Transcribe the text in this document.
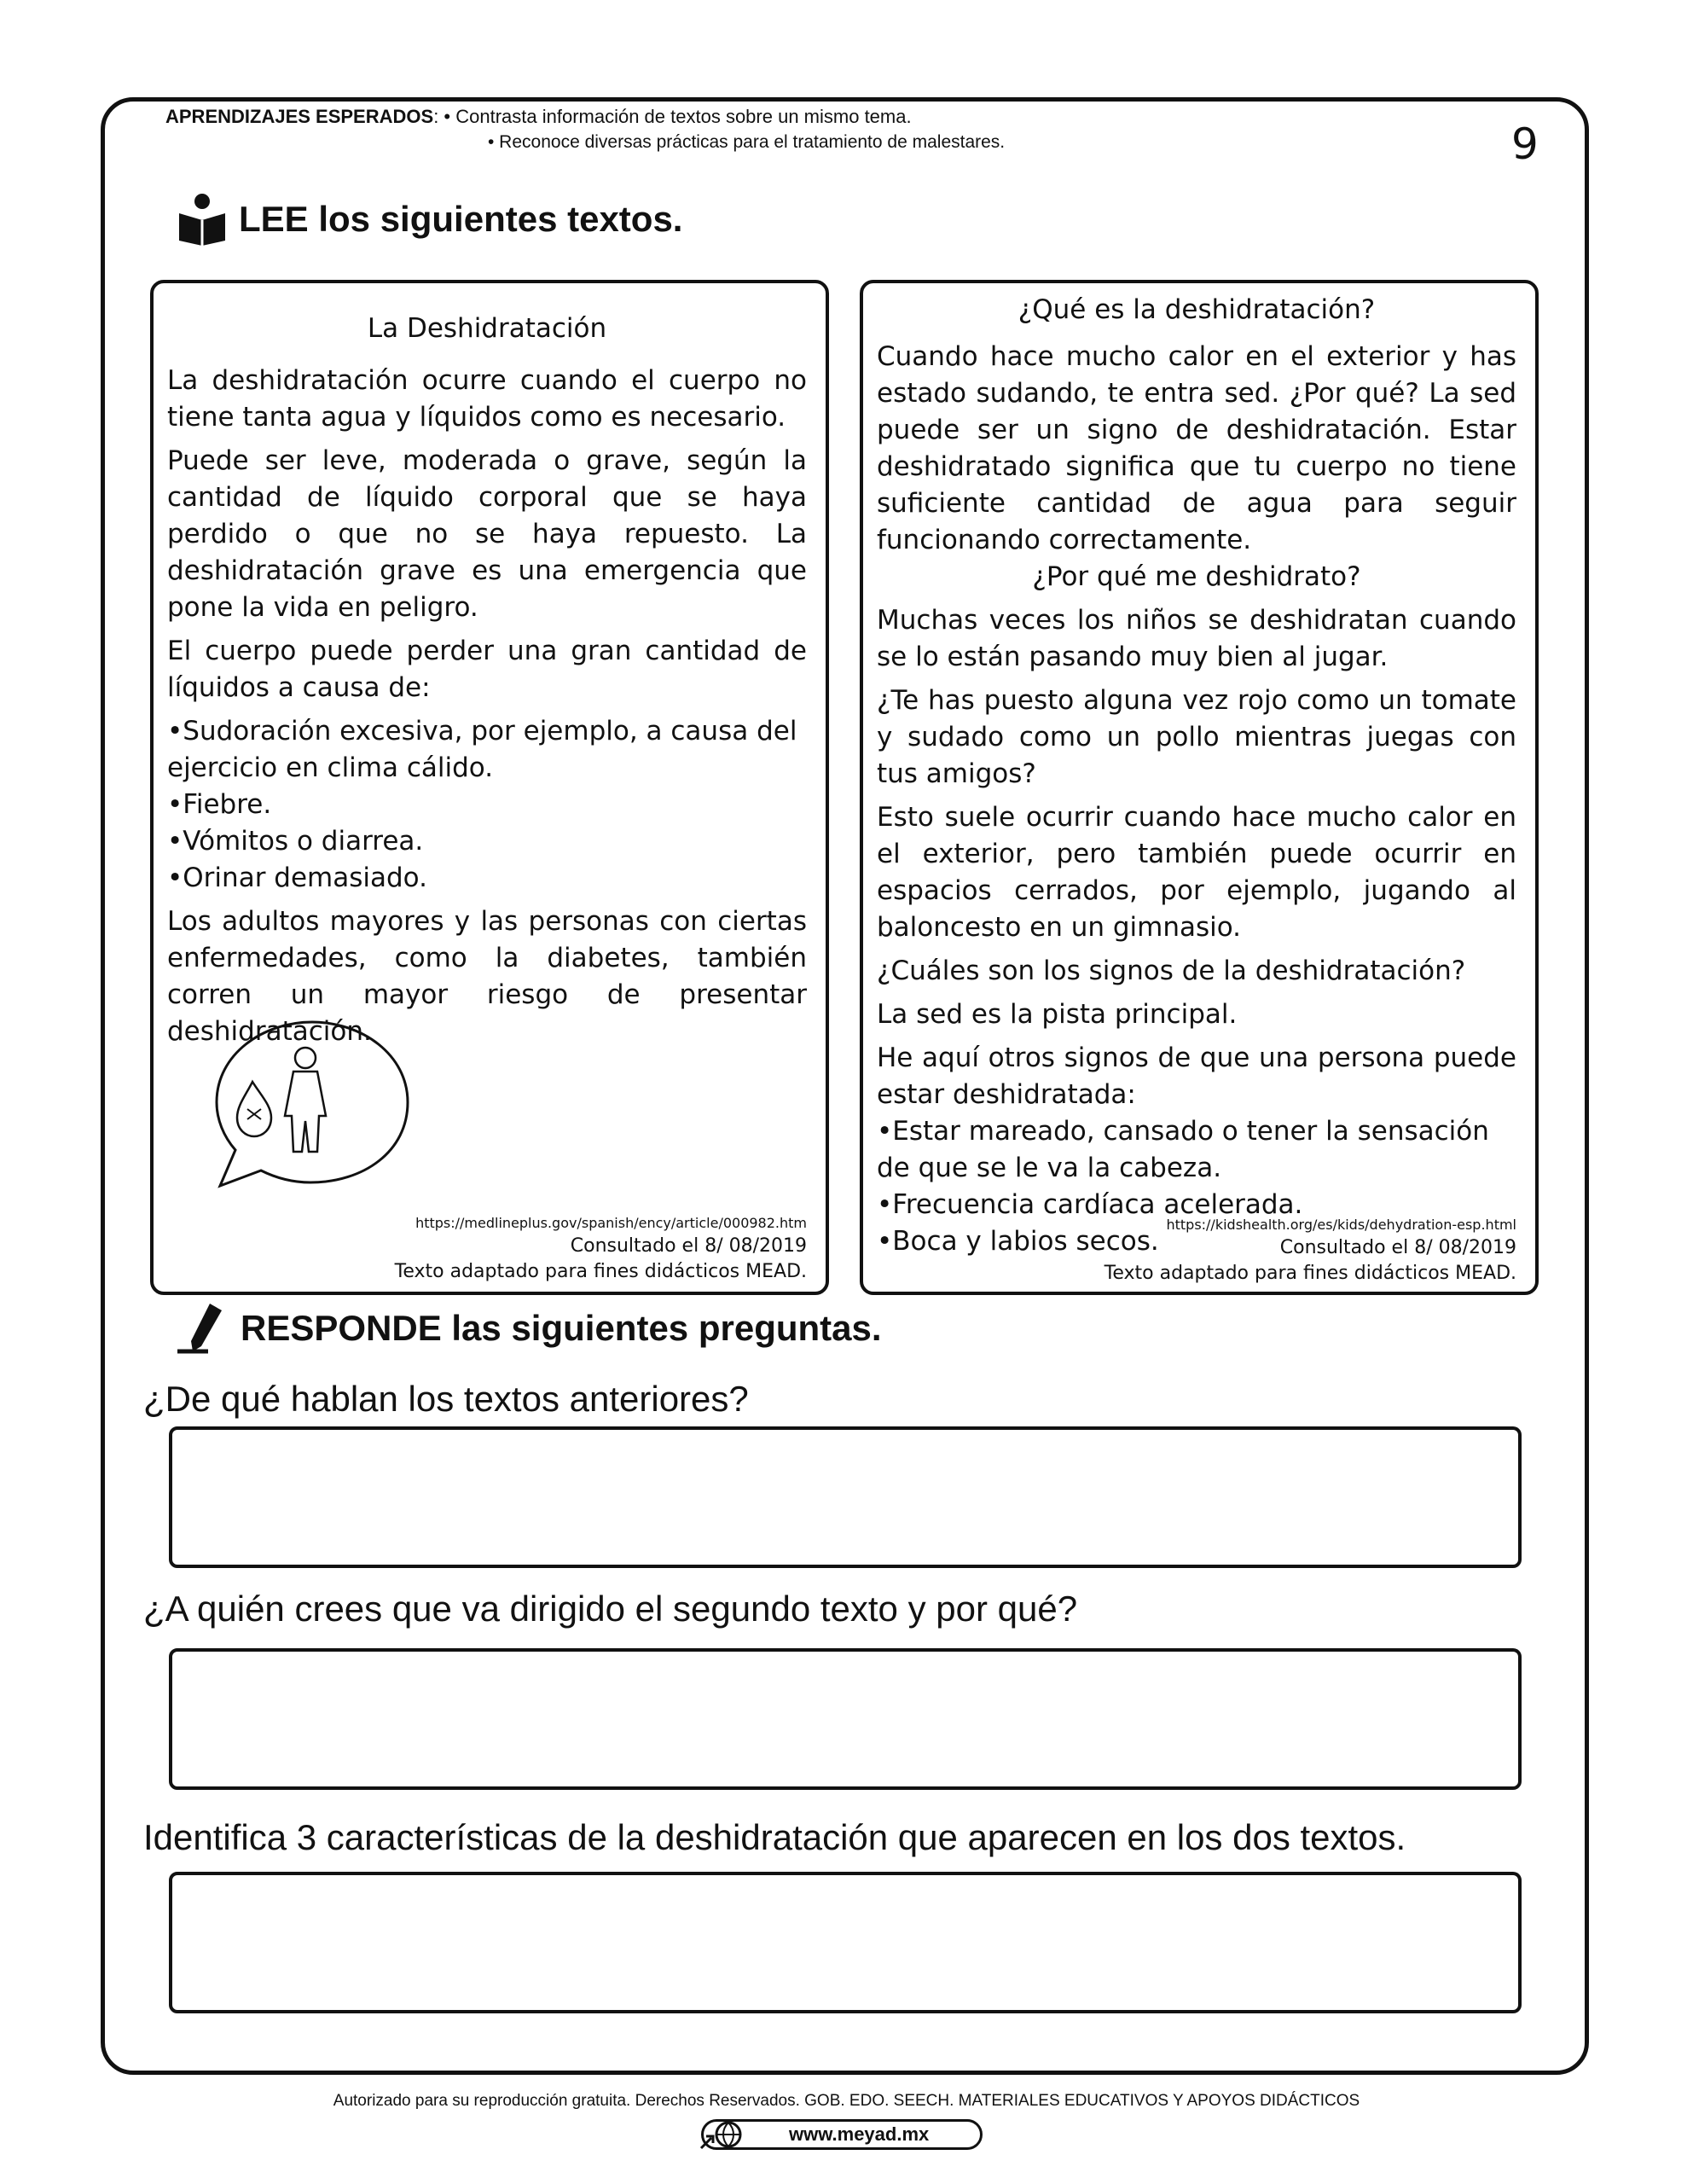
APRENDIZAJES ESPERADOS: • Contrasta información de textos sobre un mismo tema.
• Reconoce diversas prácticas para el tratamiento de malestares.	9
LEE los siguientes textos.

La Deshidratación

La deshidratación ocurre cuando el cuerpo no tiene tanta agua y líquidos como es necesario.

Puede ser leve, moderada o grave, según la cantidad de líquido corporal que se haya perdido o que no se haya repuesto. La deshidratación grave es una emergencia que pone la vida en peligro.

El cuerpo puede perder una gran cantidad de líquidos a causa de:

•Sudoración excesiva, por ejemplo, a causa del ejercicio en clima cálido.

•Fiebre.

•Vómitos o diarrea.

•Orinar demasiado.

Los adultos mayores y las personas con ciertas enfermedades, como la diabetes, también corren un mayor riesgo de presentar deshidratación.

https://medlineplus.gov/spanish/ency/article/000982.htm
Consultado el 8/ 08/2019
Texto adaptado para fines didácticos MEAD.

¿Qué es la deshidratación?

Cuando hace mucho calor en el exterior y has estado sudando, te entra sed. ¿Por qué? La sed puede ser un signo de deshidratación. Estar deshidratado significa que tu cuerpo no tiene suficiente cantidad de agua para seguir funcionando correctamente.

¿Por qué me deshidrato?

Muchas veces los niños se deshidratan cuando se lo están pasando muy bien al jugar.

¿Te has puesto alguna vez rojo como un tomate y sudado como un pollo mientras juegas con tus amigos?

Esto suele ocurrir cuando hace mucho calor en el exterior, pero también puede ocurrir en espacios cerrados, por ejemplo, jugando al baloncesto en un gimnasio.

¿Cuáles son los signos de la deshidratación?

La sed es la pista principal.

He aquí otros signos de que una persona puede estar deshidratada:

•Estar mareado, cansado o tener la sensación de que se le va la cabeza.

•Frecuencia cardíaca acelerada.

•Boca y labios secos.

https://kidshealth.org/es/kids/dehydration-esp.html
Consultado el 8/ 08/2019
Texto adaptado para fines didácticos MEAD.
RESPONDE las siguientes preguntas.
¿De qué hablan los textos anteriores?
¿A quién crees que va dirigido el segundo texto y por qué?
Identifica 3 características de la deshidratación que aparecen en los dos textos.
Autorizado para su reproducción gratuita. Derechos Reservados. GOB. EDO. SEECH. MATERIALES EDUCATIVOS Y APOYOS DIDÁCTICOS
www.meyad.mx
